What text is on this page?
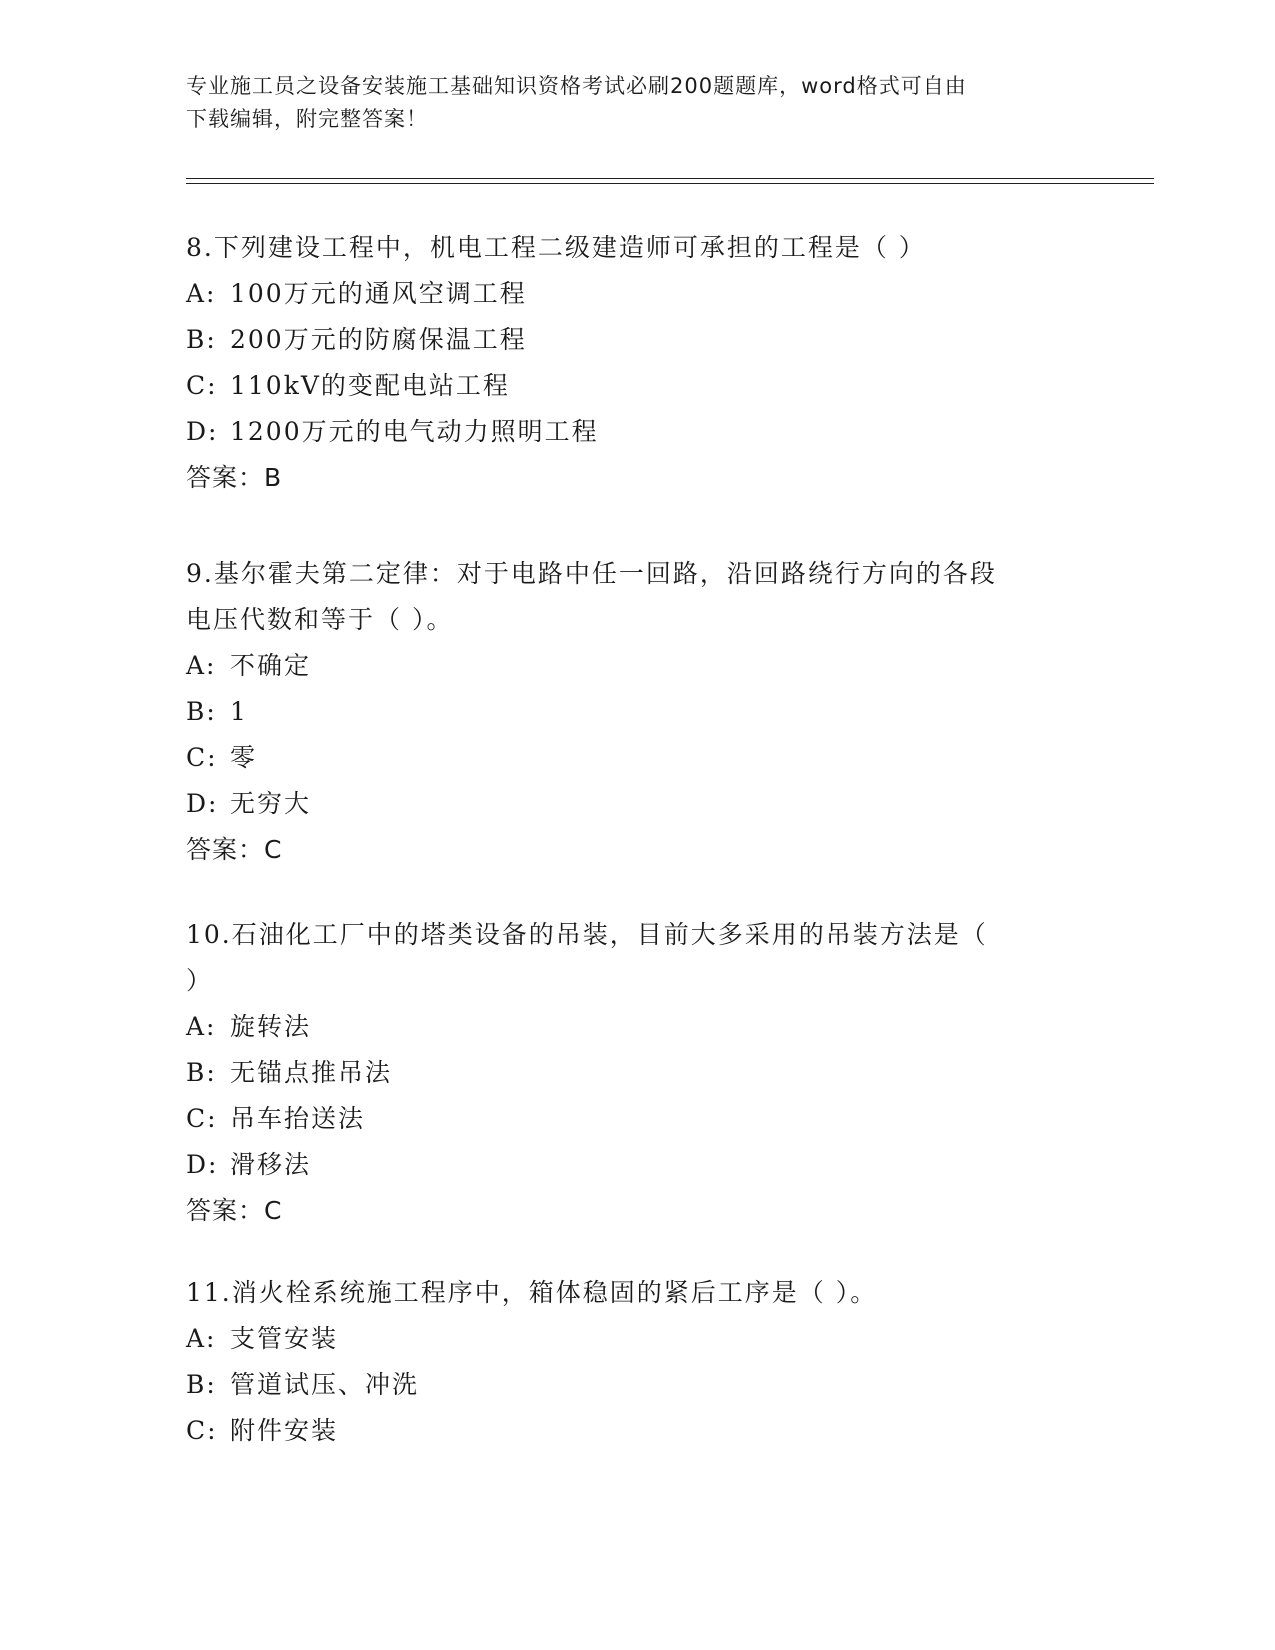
专业施工员之设备安装施工基础知识资格考试必刷200题题库，word格式可自由
下载编辑，附完整答案！
8.下列建设工程中，机电工程二级建造师可承担的工程是（ ）
A: 100万元的通风空调工程
B: 200万元的防腐保温工程
C: 110kV的变配电站工程
D: 1200万元的电气动力照明工程
答案：B
9.基尔霍夫第二定律：对于电路中任一回路，沿回路绕行方向的各段
电压代数和等于（ ）。
A: 不确定
B: 1
C: 零
D: 无穷大
答案：C
10.石油化工厂中的塔类设备的吊装，目前大多采用的吊装方法是（
）
A: 旋转法
B: 无锚点推吊法
C: 吊车抬送法
D: 滑移法
答案：C
11.消火栓系统施工程序中，箱体稳固的紧后工序是（ ）。
A: 支管安装
B: 管道试压、冲洗
C: 附件安装
